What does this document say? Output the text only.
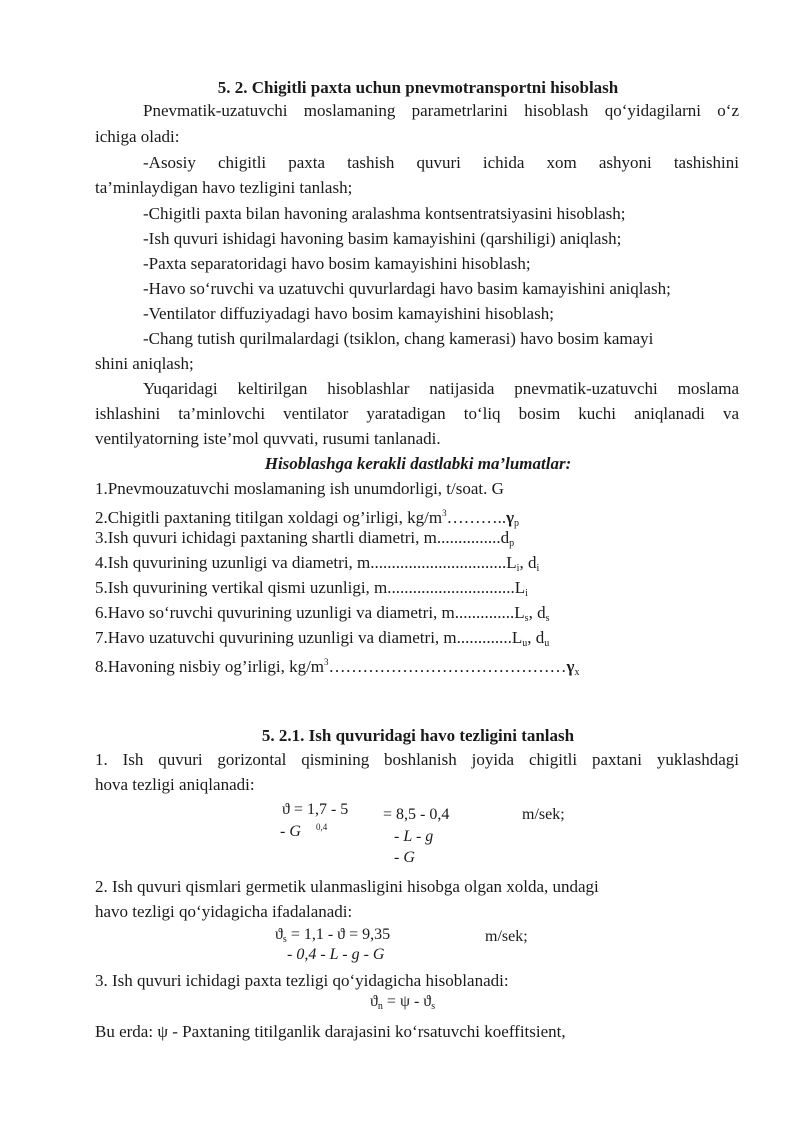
5. 2. Chigitli paxta uchun pnevmotransportni hisoblash
Pnevmatik-uzatuvchi moslamaning parametrlarini hisoblash qo‘yidagilarni o‘z
ichiga oladi:
-Asosiy chigitli paxta tashish quvuri ichida xom ashyoni tashishini
ta’minlaydigan havo tezligini tanlash;
-Chigitli paxta bilan havoning aralashma kontsentratsiyasini hisoblash;
-Ish quvuri ishidagi havoning basim kamayishini (qarshiligi) aniqlash;
-Paxta separatoridagi havo bosim kamayishini hisoblash;
-Havo so‘ruvchi va uzatuvchi quvurlardagi havo basim kamayishini aniqlash;
-Ventilator diffuziyadagi havo bosim kamayishini hisoblash;
-Chang tutish qurilmalardagi (tsiklon, chang kamerasi) havo bosim kamayi
shini aniqlash;
Yuqaridagi keltirilgan hisoblashlar natijasida pnevmatik-uzatuvchi moslama
ishlashini ta’minlovchi ventilator yaratadigan to‘liq bosim kuchi aniqlanadi va
ventilyatorning iste’mol quvvati, rusumi tanlanadi.
Hisoblashga kerakli dastlabki ma’lumatlar:
1.Pnevmouzatuvchi moslamaning ish unumdorligi, t/soat. G
2.Chigitli paxtaning titilgan xoldagi og’irligi, $kg/m^3\dots\dots\dots..\gamma_p$
3.Ish quvuri ichidagi paxtaning shartli diametri, $m...............d_p$
4.Ish quvurining uzunligi va diametri, $m................................L_i$, $d_i$
5.Ish quvurining vertikal qismi uzunligi, $m..............................L_i$
6.Havo so‘ruvchi quvurining uzunligi va diametri, $m..............L_s$, $d_s$
7.Havo uzatuvchi quvurining uzunligi va diametri, $m.............L_u$, $d_u$
8.Havoning nisbiy og’irligi, $kg/m^3\dots\dots\dots\dots\dots\dots\dots\dots\dots\dots\dots\dots\dots\dots\gamma_x$
5. 2.1. Ish quvuridagi havo tezligini tanlash
1. Ish quvuri gorizontal qismining boshlanish joyida chigitli paxtani yuklashdagi
hova tezligi aniqlanadi:
ϑ = 1,7 - 5 = 8,5 - 0,4	m/sek;
- G 0,4
- L - g
- G
2. Ish quvuri qismlari germetik ulanmasligini hisobga olgan xolda, undagi
havo tezligi qo‘yidagicha ifadalanadi:
$ϑ_s = 1,1 - ϑ = 9,35$	m/sek;
- 0,4 - L - g - G
3. Ish quvuri ichidagi paxta tezligi qo‘yidagicha hisoblanadi:
$ϑ_n = \psi - ϑ_s$
Bu erda: ψ - Paxtaning titilganlik darajasini ko‘rsatuvchi koeffitsient,
